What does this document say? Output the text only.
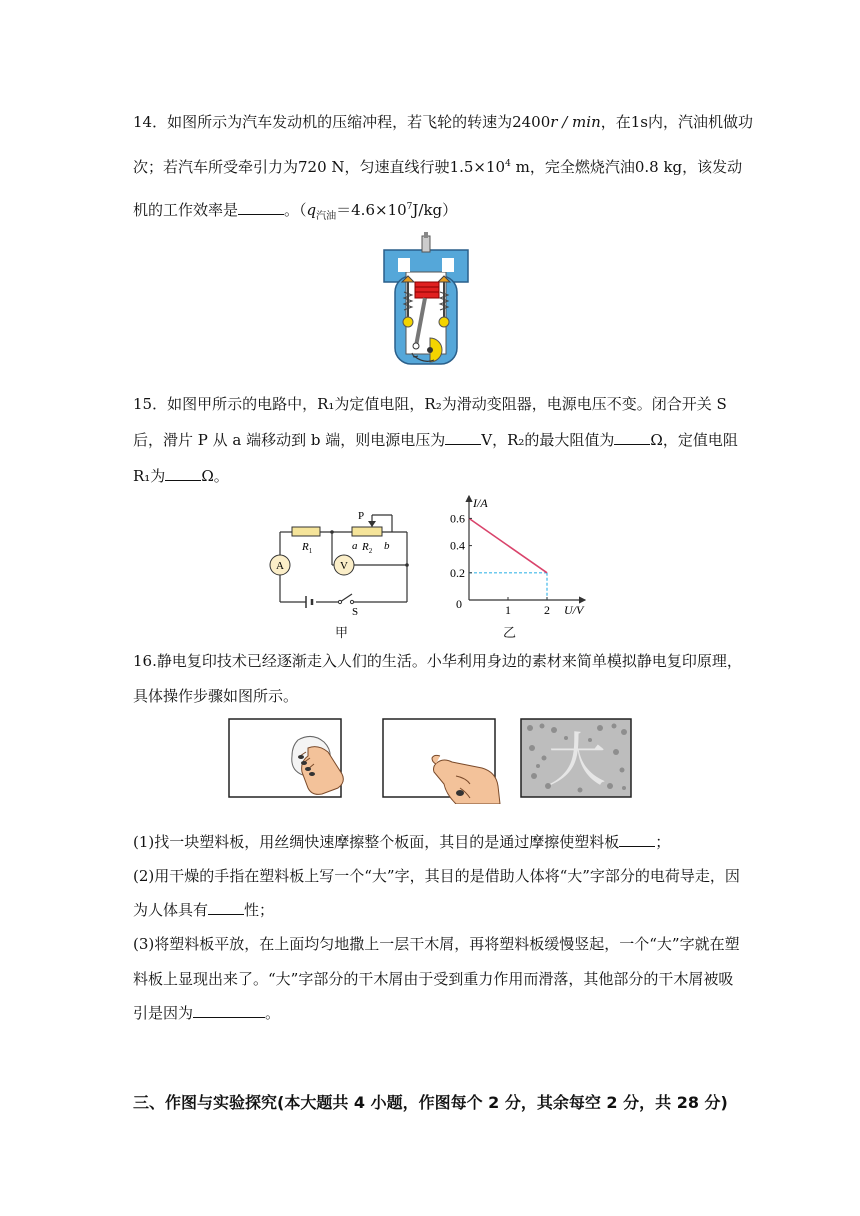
14．如图所示为汽车发动机的压缩冲程，若飞轮的转速为2400r / min，在1s内，汽油机做功
次；若汽车所受牵引力为720 N，匀速直线行驶$1.5\times 10^4$ m，完全燃烧汽油0.8 kg，该发动
机的工作效率是	。$(q_{汽油}=4.6\times 10^7J/kg)$
15．如图甲所示的电路中，R₁为定值电阻，R₂为滑动变阻器，电源电压不变。闭合开关 S
后，滑片 P 从 a 端移动到 b 端，则电源电压为 V，R₂的最大阻值为 Ω，定值电阻
R₁为 Ω。
A	V
$R_1$	$R_2$
a b
P
S
甲
1	2
0.2
0.4
0.6
I/A
U/V
0
乙
16.静电复印技术已经逐渐走入人们的生活。小华利用身边的素材来简单模拟静电复印原理，
具体操作步骤如图所示。
大
(1)找一块塑料板，用丝绸快速摩擦整个板面，其目的是通过摩擦使塑料板 ；
(2)用干燥的手指在塑料板上写一个“大”字，其目的是借助人体将“大”字部分的电荷导走，因
为人体具有 性；
(3)将塑料板平放，在上面均匀地撒上一层干木屑，再将塑料板缓慢竖起，一个“大”字就在塑
料板上显现出来了。“大”字部分的干木屑由于受到重力作用而滑落，其他部分的干木屑被吸
引是因为	。
三、作图与实验探究(本大题共 4 小题，作图每个 2 分，其余每空 2 分，共 28 分)
